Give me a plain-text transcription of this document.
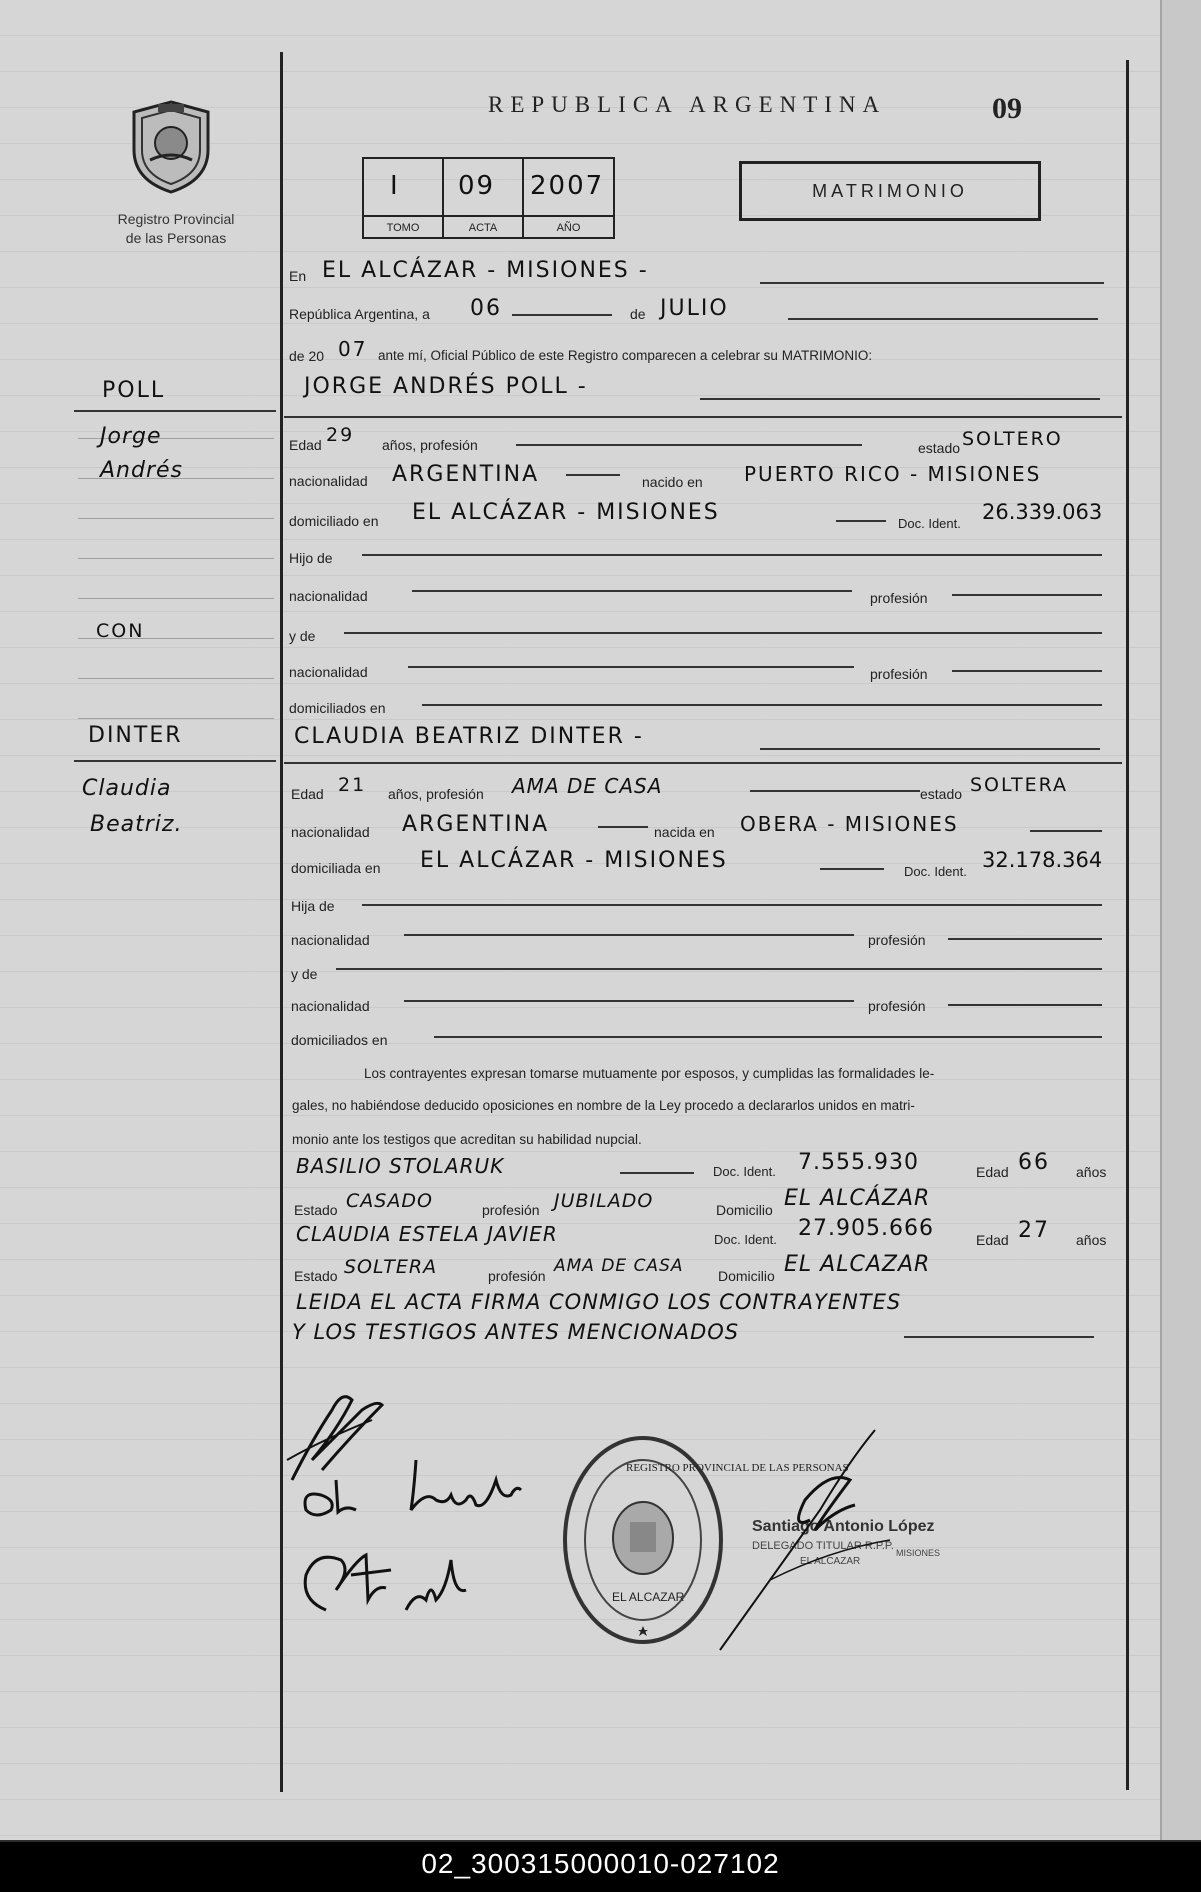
Registro Provincial
de las Personas
REPUBLICA ARGENTINA	09
I 09 2007
TOMO	ACTA	AÑO
MATRIMONIO
POLL
Jorge
Andrés
CON
DINTER
Claudia
Beatriz.
En EL ALCÁZAR - MISIONES -
República Argentina, a 06	de JULIO
de 20 07 ante mí, Oficial Público de este Registro comparecen a celebrar su MATRIMONIO:
JORGE ANDRÉS POLL -
Edad 29 años, profesión	estado SOLTERO
nacionalidad ARGENTINA	nacido en PUERTO RICO - MISIONES
domiciliado en EL ALCÁZAR - MISIONES	Doc. Ident. 26.339.063
Hijo de
nacionalidad	profesión
y de
nacionalidad	profesión
domiciliados en
CLAUDIA BEATRIZ DINTER -
Edad 21 años, profesión AMA DE CASA	estado SOLTERA
nacionalidad ARGENTINA	nacida en OBERA - MISIONES
domiciliada en EL ALCÁZAR - MISIONES	Doc. Ident. 32.178.364
Hija de
nacionalidad	profesión
y de
nacionalidad	profesión
domiciliados en
Los contrayentes expresan tomarse mutuamente por esposos, y cumplidas las formalidades le-
gales, no habiéndose deducido oposiciones en nombre de la Ley procedo a declararlos unidos en matri-
monio ante los testigos que acreditan su habilidad nupcial.
BASILIO STOLARUK	Doc. Ident. 7.555.930	Edad 66 años
Estado CASADO	profesión JUBILADO	Domicilio EL ALCÁZAR
CLAUDIA ESTELA JAVIER	Doc. Ident. 27.905.666	Edad 27 años
Estado SOLTERA	profesión AMA DE CASA Domicilio EL ALCAZAR
LEIDA EL ACTA FIRMA CONMIGO LOS CONTRAYENTES
Y LOS TESTIGOS ANTES MENCIONADOS
REGISTRO PROVINCIAL DE LAS PERSONAS
EL ALCAZAR
Santiago Antonio López
DELEGADO TITULAR R.P.P.
EL ALCAZAR
MISIONES
02_300315000010-027102
